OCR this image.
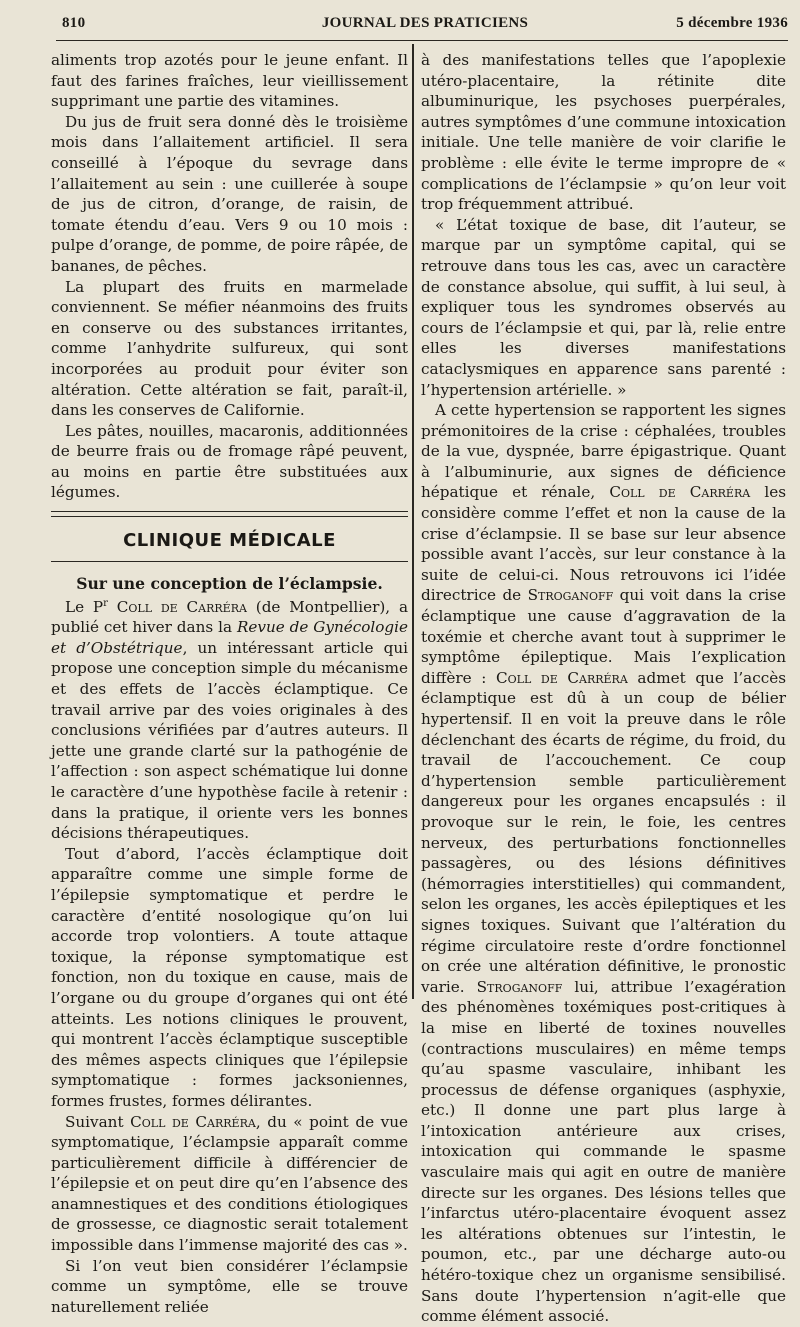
810	JOURNAL DES PRATICIENS	5 décembre 1936

aliments trop azotés pour le jeune enfant. Il faut des farines fraîches, leur vieillissement supprimant une partie des vitamines.

Du jus de fruit sera donné dès le troisième mois dans l’allaitement artificiel. Il sera conseillé à l’époque du sevrage dans l’allaitement au sein : une cuillerée à soupe de jus de citron, d’orange, de raisin, de tomate étendu d’eau. Vers 9 ou 10 mois : pulpe d’orange, de pomme, de poire râpée, de bananes, de pêches.

La plupart des fruits en marmelade conviennent. Se méfier néanmoins des fruits en conserve ou des substances irritantes, comme l’anhydrite sulfureux, qui sont incorporées au produit pour éviter son altération. Cette altération se fait, paraît-il, dans les conserves de Californie.

Les pâtes, nouilles, macaronis, additionnées de beurre frais ou de fromage râpé peuvent, au moins en partie être substituées aux légumes.

CLINIQUE MÉDICALE
Sur une conception de l’éclampsie.

Le $P^r$ Coll de Carréra (de Montpellier), a publié cet hiver dans la Revue de Gynécologie et d’Obstétrique, un intéressant article qui propose une conception simple du mécanisme et des effets de l’accès éclamptique. Ce travail arrive par des voies originales à des conclusions vérifiées par d’autres auteurs. Il jette une grande clarté sur la pathogénie de l’affection : son aspect schématique lui donne le caractère d’une hypothèse facile à retenir : dans la pratique, il oriente vers les bonnes décisions thérapeutiques.

Tout d’abord, l’accès éclamptique doit apparaître comme une simple forme de l’épilepsie symptomatique et perdre le caractère d’entité nosologique qu’on lui accorde trop volontiers. A toute attaque toxique, la réponse symptomatique est fonction, non du toxique en cause, mais de l’organe ou du groupe d’organes qui ont été atteints. Les notions cliniques le prouvent, qui montrent l’accès éclamptique susceptible des mêmes aspects cliniques que l’épilepsie symptomatique : formes jacksoniennes, formes frustes, formes délirantes.

Suivant Coll de Carréra, du « point de vue symptomatique, l’éclampsie apparaît comme particulièrement difficile à différencier de l’épilepsie et on peut dire qu’en l’absence des anamnestiques et des conditions étiologiques de grossesse, ce diagnostic serait totalement impossible dans l’immense majorité des cas ».

Si l’on veut bien considérer l’éclampsie comme un symptôme, elle se trouve naturellement reliée

à des manifestations telles que l’apoplexie utéro-placentaire, la rétinite dite albuminurique, les psychoses puerpérales, autres symptômes d’une commune intoxication initiale. Une telle manière de voir clarifie le problème : elle évite le terme impropre de « complications de l’éclampsie » qu’on leur voit trop fréquemment attribué.

« L’état toxique de base, dit l’auteur, se marque par un symptôme capital, qui se retrouve dans tous les cas, avec un caractère de constance absolue, qui suffit, à lui seul, à expliquer tous les syndromes observés au cours de l’éclampsie et qui, par là, relie entre elles les diverses manifestations cataclysmiques en apparence sans parenté : l’hypertension artérielle. »

A cette hypertension se rapportent les signes prémonitoires de la crise : céphalées, troubles de la vue, dyspnée, barre épigastrique. Quant à l’albuminurie, aux signes de déficience hépatique et rénale, Coll de Carréra les considère comme l’effet et non la cause de la crise d’éclampsie. Il se base sur leur absence possible avant l’accès, sur leur constance à la suite de celui-ci. Nous retrouvons ici l’idée directrice de Stroganoff qui voit dans la crise éclamptique une cause d’aggravation de la toxémie et cherche avant tout à supprimer le symptôme épileptique. Mais l’explication diffère : Coll de Carréra admet que l’accès éclamptique est dû à un coup de bélier hypertensif. Il en voit la preuve dans le rôle déclenchant des écarts de régime, du froid, du travail de l’accouchement. Ce coup d’hypertension semble particulièrement dangereux pour les organes encapsulés : il provoque sur le rein, le foie, les centres nerveux, des perturbations fonctionnelles passagères, ou des lésions définitives (hémorragies interstitielles) qui commandent, selon les organes, les accès épileptiques et les signes toxiques. Suivant que l’altération du régime circulatoire reste d’ordre fonctionnel on crée une altération définitive, le pronostic varie. Stroganoff lui, attribue l’exagération des phénomènes toxémiques post-critiques à la mise en liberté de toxines nouvelles (contractions musculaires) en même temps qu’au spasme vasculaire, inhibant les processus de défense organiques (asphyxie, etc.) Il donne une part plus large à l’intoxication antérieure aux crises, intoxication qui commande le spasme vasculaire mais qui agit en outre de manière directe sur les organes. Des lésions telles que l’infarctus utéro-placentaire évoquent assez les altérations obtenues sur l’intestin, le poumon, etc., par une décharge auto-ou hétéro-toxique chez un organisme sensibilisé. Sans doute l’hypertension n’agit-elle que comme élément associé.
